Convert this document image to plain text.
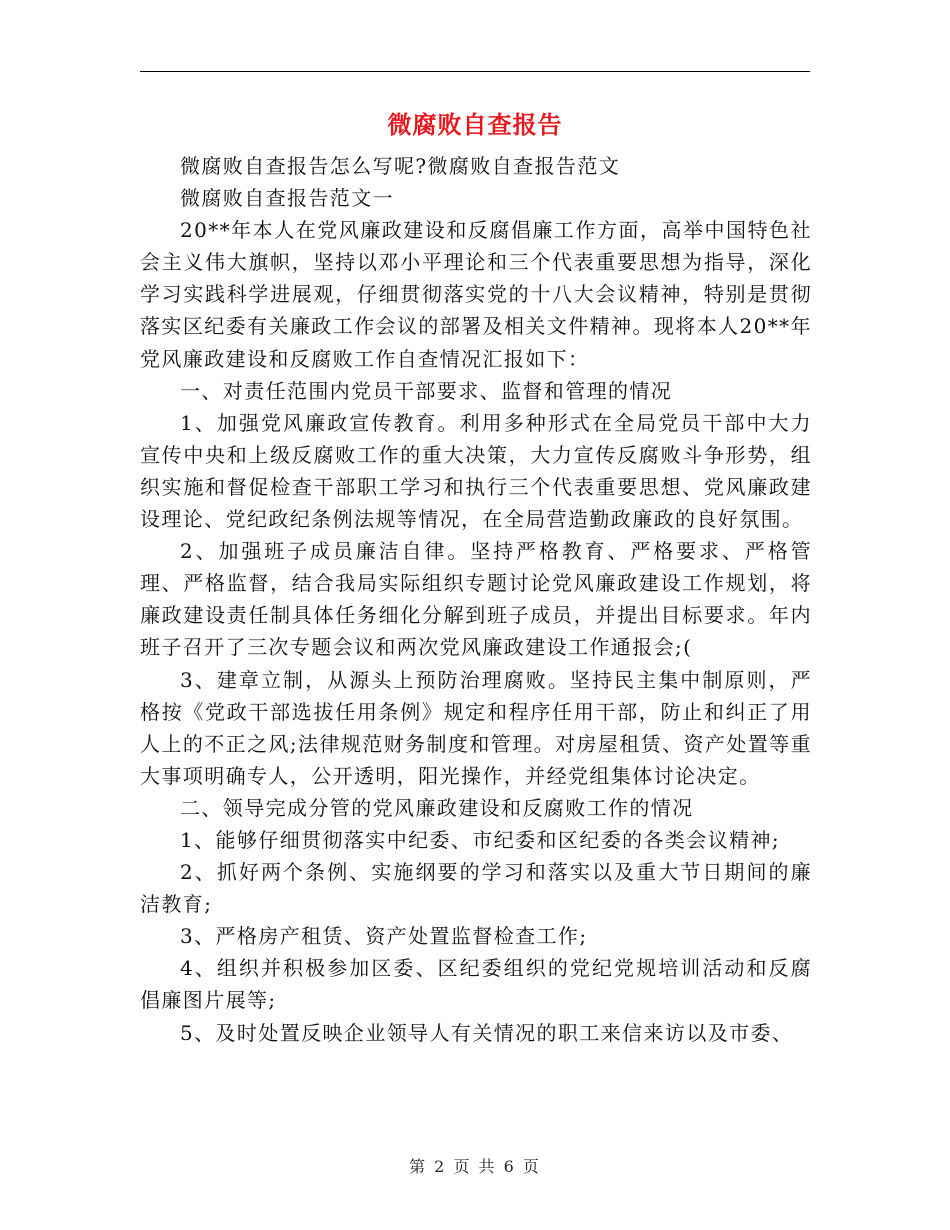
微腐败自查报告

微腐败自查报告怎么写呢?微腐败自查报告范文

微腐败自查报告范文一

20**年本人在党风廉政建设和反腐倡廉工作方面，高举中国特色社会主义伟大旗帜，坚持以邓小平理论和三个代表重要思想为指导，深化学习实践科学进展观，仔细贯彻落实党的十八大会议精神，特别是贯彻落实区纪委有关廉政工作会议的部署及相关文件精神。现将本人20**年党风廉政建设和反腐败工作自查情况汇报如下：

一、对责任范围内党员干部要求、监督和管理的情况

1、加强党风廉政宣传教育。利用多种形式在全局党员干部中大力宣传中央和上级反腐败工作的重大决策，大力宣传反腐败斗争形势，组织实施和督促检查干部职工学习和执行三个代表重要思想、党风廉政建设理论、党纪政纪条例法规等情况，在全局营造勤政廉政的良好氛围。

2、加强班子成员廉洁自律。坚持严格教育、严格要求、严格管理、严格监督，结合我局实际组织专题讨论党风廉政建设工作规划，将廉政建设责任制具体任务细化分解到班子成员，并提出目标要求。年内班子召开了三次专题会议和两次党风廉政建设工作通报会;(

3、建章立制，从源头上预防治理腐败。坚持民主集中制原则，严格按《党政干部选拔任用条例》规定和程序任用干部，防止和纠正了用人上的不正之风;法律规范财务制度和管理。对房屋租赁、资产处置等重大事项明确专人，公开透明，阳光操作，并经党组集体讨论决定。

二、领导完成分管的党风廉政建设和反腐败工作的情况

1、能够仔细贯彻落实中纪委、市纪委和区纪委的各类会议精神;

2、抓好两个条例、实施纲要的学习和落实以及重大节日期间的廉洁教育;

3、严格房产租赁、资产处置监督检查工作;

4、组织并积极参加区委、区纪委组织的党纪党规培训活动和反腐倡廉图片展等;

5、及时处置反映企业领导人有关情况的职工来信来访以及市委、

第 2 页 共 6 页
